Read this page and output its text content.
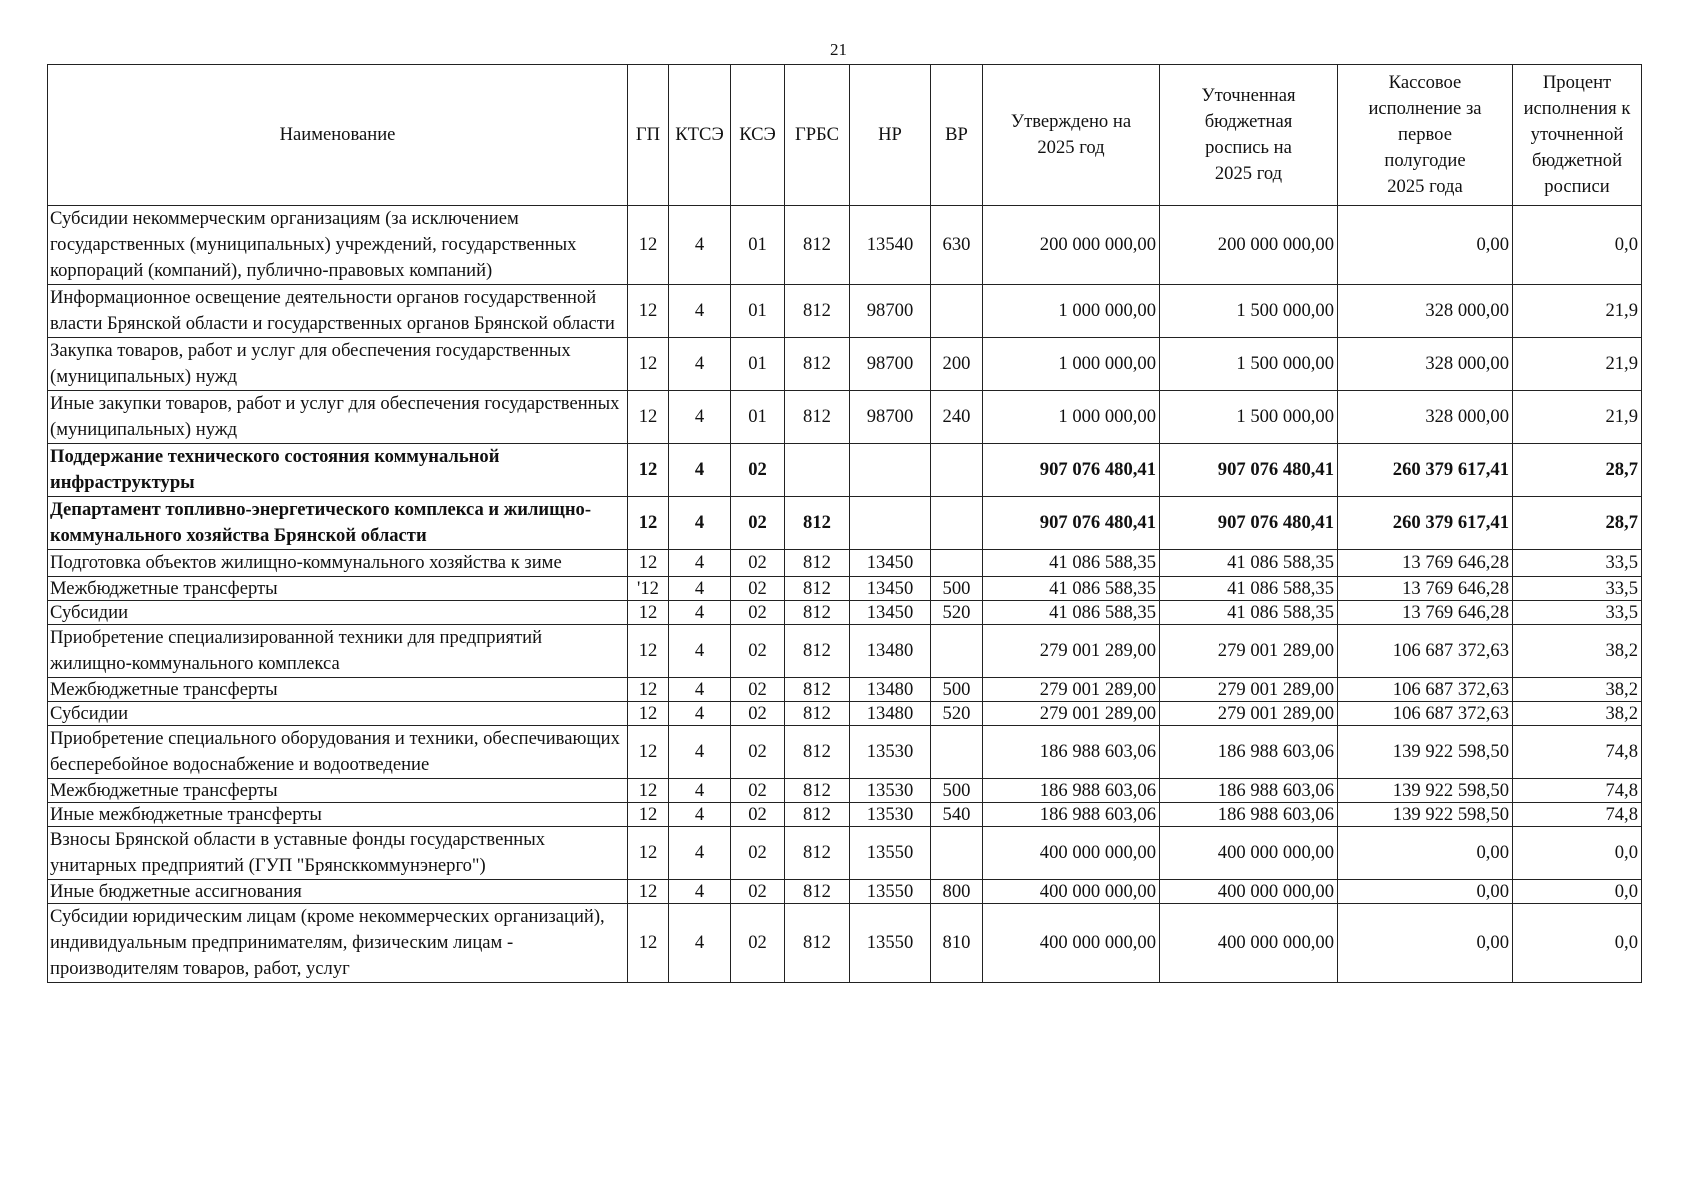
21
Наименование	ГП	КТСЭ	КСЭ	ГРБС	НР	ВР	Утверждено на 2025 год	Уточненная бюджетная роспись на 2025 год	Кассовое исполнение за первое полугодие 2025 года	Процент исполнения к уточненной бюджетной росписи
Субсидии некоммерческим организациям (за исключением государственных (муниципальных) учреждений, государственных корпораций (компаний), публично-правовых компаний)	12	4	01	812	13540	630	200 000 000,00	200 000 000,00	0,00	0,0
Информационное освещение деятельности органов государственной власти Брянской области и государственных органов Брянской области	12	4	01	812	98700		1 000 000,00	1 500 000,00	328 000,00	21,9
Закупка товаров, работ и услуг для обеспечения государственных (муниципальных) нужд	12	4	01	812	98700	200	1 000 000,00	1 500 000,00	328 000,00	21,9
Иные закупки товаров, работ и услуг для обеспечения государственных (муниципальных) нужд	12	4	01	812	98700	240	1 000 000,00	1 500 000,00	328 000,00	21,9
Поддержание технического состояния коммунальной инфраструктуры	12	4	02				907 076 480,41	907 076 480,41	260 379 617,41	28,7
Департамент топливно-энергетического комплекса и жилищно-коммунального хозяйства Брянской области	12	4	02	812			907 076 480,41	907 076 480,41	260 379 617,41	28,7
Подготовка объектов жилищно-коммунального хозяйства к зиме	12	4	02	812	13450		41 086 588,35	41 086 588,35	13 769 646,28	33,5
Межбюджетные трансферты	'12	4	02	812	13450	500	41 086 588,35	41 086 588,35	13 769 646,28	33,5
Субсидии	12	4	02	812	13450	520	41 086 588,35	41 086 588,35	13 769 646,28	33,5
Приобретение специализированной техники для предприятий жилищно-коммунального комплекса	12	4	02	812	13480		279 001 289,00	279 001 289,00	106 687 372,63	38,2
Межбюджетные трансферты	12	4	02	812	13480	500	279 001 289,00	279 001 289,00	106 687 372,63	38,2
Субсидии	12	4	02	812	13480	520	279 001 289,00	279 001 289,00	106 687 372,63	38,2
Приобретение специального оборудования и техники, обеспечивающих бесперебойное водоснабжение и водоотведение	12	4	02	812	13530		186 988 603,06	186 988 603,06	139 922 598,50	74,8
Межбюджетные трансферты	12	4	02	812	13530	500	186 988 603,06	186 988 603,06	139 922 598,50	74,8
Иные межбюджетные трансферты	12	4	02	812	13530	540	186 988 603,06	186 988 603,06	139 922 598,50	74,8
Взносы Брянской области в уставные фонды государственных унитарных предприятий (ГУП "Брянсккоммунэнерго")	12	4	02	812	13550		400 000 000,00	400 000 000,00	0,00	0,0
Иные бюджетные ассигнования	12	4	02	812	13550	800	400 000 000,00	400 000 000,00	0,00	0,0
Субсидии юридическим лицам (кроме некоммерческих организаций), индивидуальным предпринимателям, физическим лицам - производителям товаров, работ, услуг	12	4	02	812	13550	810	400 000 000,00	400 000 000,00	0,00	0,0
